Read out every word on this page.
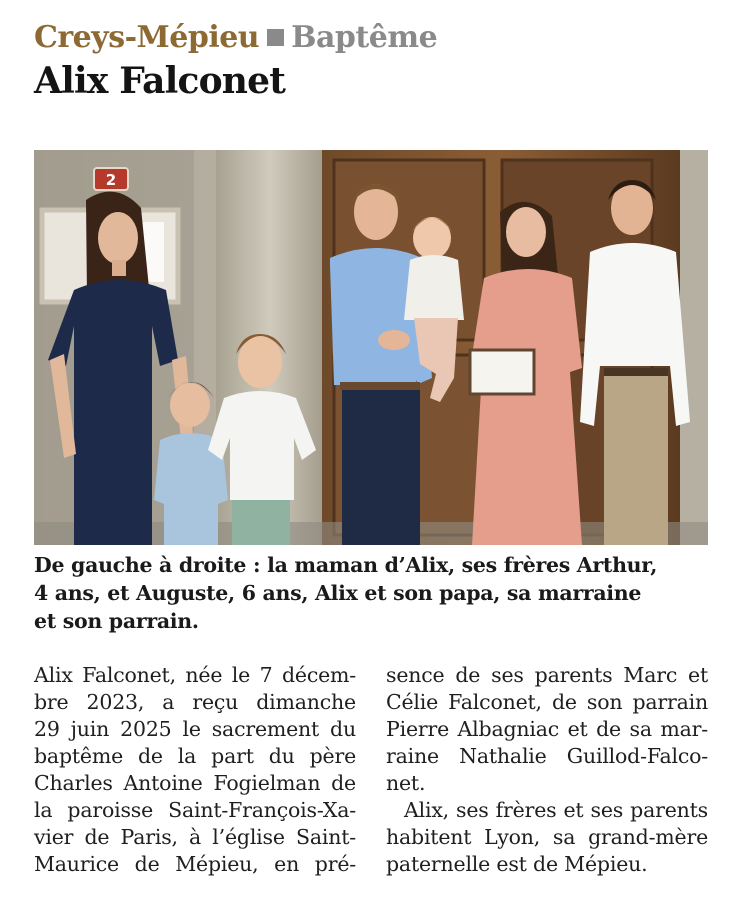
Creys-Mépieu Baptême
Alix Falconet
2
De gauche à droite : la maman d’Alix, ses frères Arthur,
4 ans, et Auguste, 6 ans, Alix et son papa, sa marraine
et son parrain.
Alix Falconet, née le 7 décem-
bre 2023, a reçu dimanche
29 juin 2025 le sacrement du
baptême de la part du père
Charles Antoine Fogielman de
la paroisse Saint-François-Xa-
vier de Paris, à l’église Saint-
Maurice de Mépieu, en pré-
sence de ses parents Marc et
Célie Falconet, de son parrain
Pierre Albagniac et de sa mar-
raine Nathalie Guillod-Falco-
net.
Alix, ses frères et ses parents
habitent Lyon, sa grand-mère
paternelle est de Mépieu.
